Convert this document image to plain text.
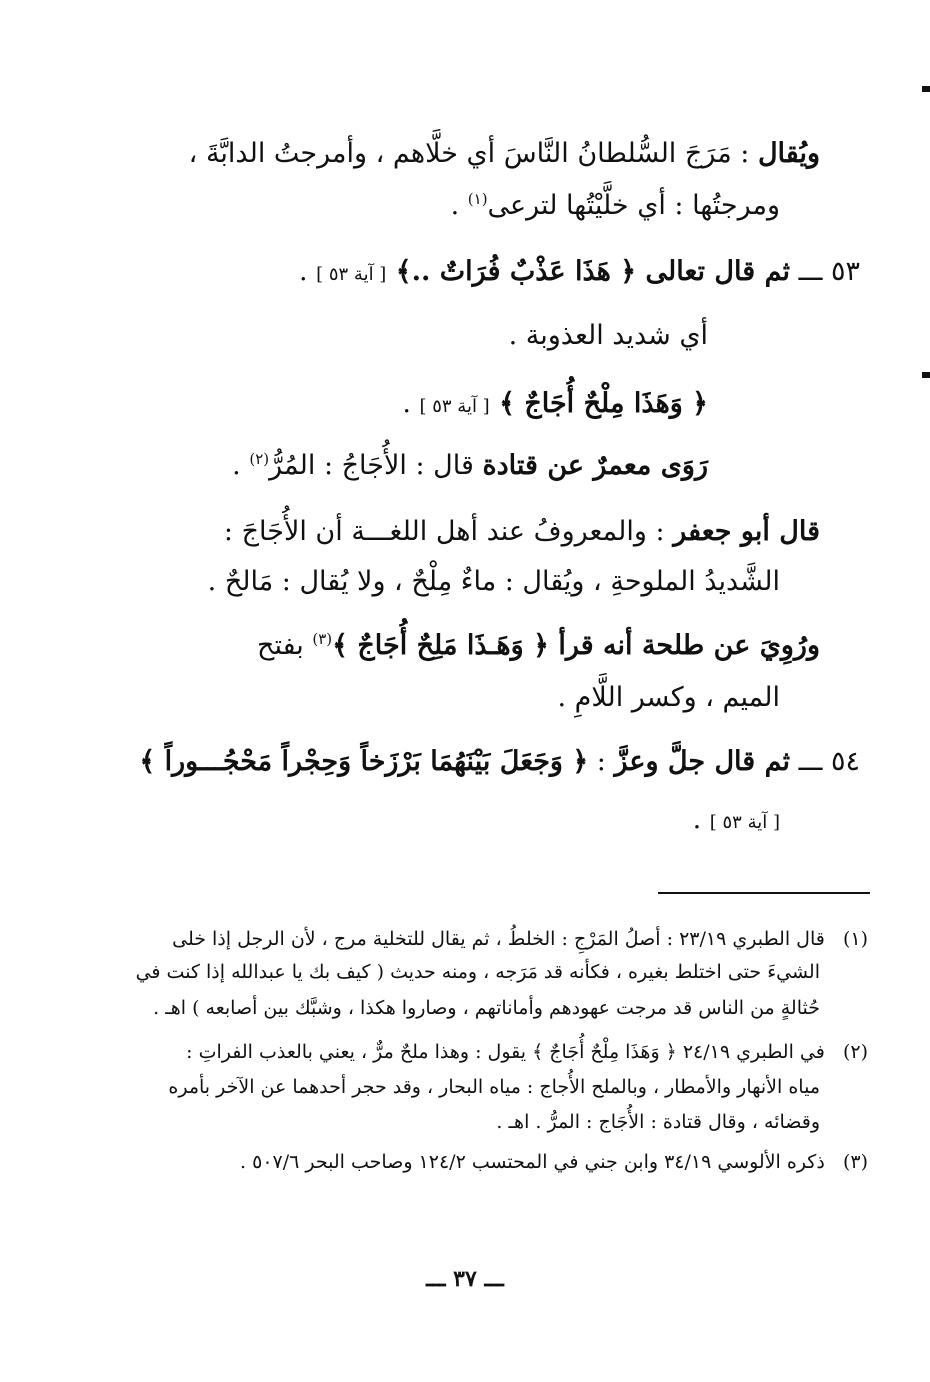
ويُقال : مَرَجَ السُّلطانُ النَّاسَ أي خلَّاهم ، وأمرجتُ الدابَّةَ ،
ومرجتُها : أي خلَّيْتُها لترعى$^{(١)}$ .
٥٣ ـــ ثم قال تعالى ﴿ هَذَا عَذْبٌ فُرَاتٌ ..﴾ [ آية ٥٣ ] .
أي شديد العذوبة .
﴿ وَهَذَا مِلْحٌ أُجَاجٌ ﴾ [ آية ٥٣ ] .
رَوَى معمرٌ عن قتادة قال : الأُجَاجُ : المُرُّ$^{(٢)}$ .
قال أبو جعفر : والمعروفُ عند أهل اللغـــة أن الأُجَاجَ :
الشَّديدُ الملوحةِ ، ويُقال : ماءٌ مِلْحٌ ، ولا يُقال : مَالحٌ .
ورُوِيَ عن طلحة أنه قرأ ﴿ وَهَـذَا مَلِحٌ أُجَاجٌ ﴾$^{(٣)}$ بفتح
الميم ، وكسر اللَّامِ .
٥٤ ـــ ثم قال جلَّ وعزَّ : ﴿ وَجَعَلَ بَيْنَهُمَا بَرْزَخاً وَحِجْراً مَحْجُـــوراً ﴾
[ آية ٥٣ ] .
(١)   قال الطبري ٢٣/١٩ : أصلُ المَرْجِ : الخلطُ ، ثم يقال للتخلية مرج ، لأن الرجل إذا خلى
الشيءَ حتى اختلط بغيره ، فكأنه قد مَرَجه ، ومنه حديث ( كيف بك يا عبدالله إذا كنت في
حُثالةٍ من الناس قد مرجت عهودهم وأماناتهم ، وصاروا هكذا ، وشبَّك بين أصابعه ) اهـ .
(٢)   في الطبري ٢٤/١٩ ﴿ وَهَذَا مِلْحٌ أُجَاجٌ ﴾ يقول : وهذا ملحٌ مرٌّ ، يعني بالعذب الفراتِ :
مياه الأنهار والأمطار ، وبالملح الأُجاج : مياه البحار ، وقد حجر أحدهما عن الآخر بأمره
وقضائه ، وقال قتادة : الأُجَاج : المرُّ . اهـ .
(٣)   ذكره الألوسي ٣٤/١٩ وابن جني في المحتسب ١٢٤/٢ وصاحب البحر ٥٠٧/٦ .
ـــ ٣٧ ـــ
